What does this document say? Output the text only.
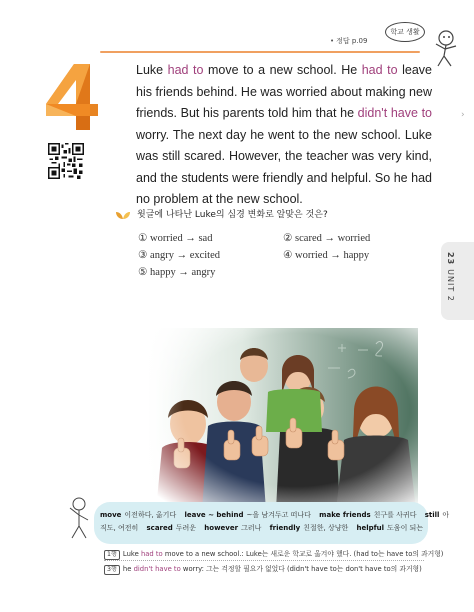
• 정답 p.09
학교 생활

Luke had to move to a new school. He had to leave his friends behind. He was worried about making new friends. But his parents told him that he didn't have to worry. The next day he went to the new school. Luke was still scared. However, the teacher was very kind, and the students were friendly and helpful. So he had no problem at the new school.

›
윗글에 나타난 Luke의 심경 변화로 알맞은 것은?
① worried → sad	② scared → worried
③ angry → excited	④ worried → happy
⑤ happy → angry
23UNIT 2
move 이전하다, 옮기다 leave ~ behind ~을 남겨두고 떠나다 make friends 친구를 사귀다 still 아
직도, 여전히 scared 두려운 however 그러나 friendly 친절한, 상냥한 helpful 도움이 되는
1행 Luke had to move to a new school.: Luke는 새로운 학교로 옮겨야 했다. (had to는 have to의 과거형)
3행 he didn't have to worry: 그는 걱정할 필요가 없었다 (didn't have to는 don't have to의 과거형)
